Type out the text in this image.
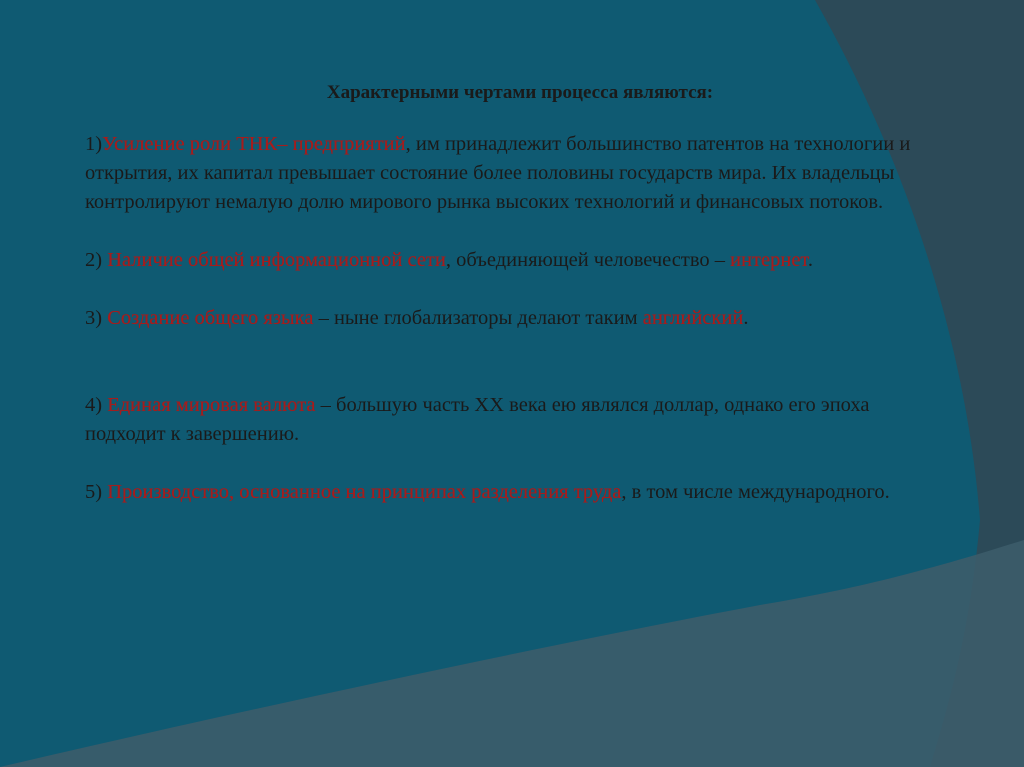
Характерными чертами процесса являются:

1)Усиление роли ТНК– предприятий, им принадлежит большинство патентов на технологии и открытия, их капитал превышает состояние более половины государств мира. Их владельцы контролируют немалую долю мирового рынка высоких технологий и финансовых потоков.

2) Наличие общей информационной сети, объединяющей человечество – интернет.

3) Создание общего языка – ныне глобализаторы делают таким английский.

4) Единая мировая валюта – большую часть XX века ею являлся доллар, однако его эпоха подходит к завершению.

5) Производство, основанное на принципах разделения труда, в том числе международного.
